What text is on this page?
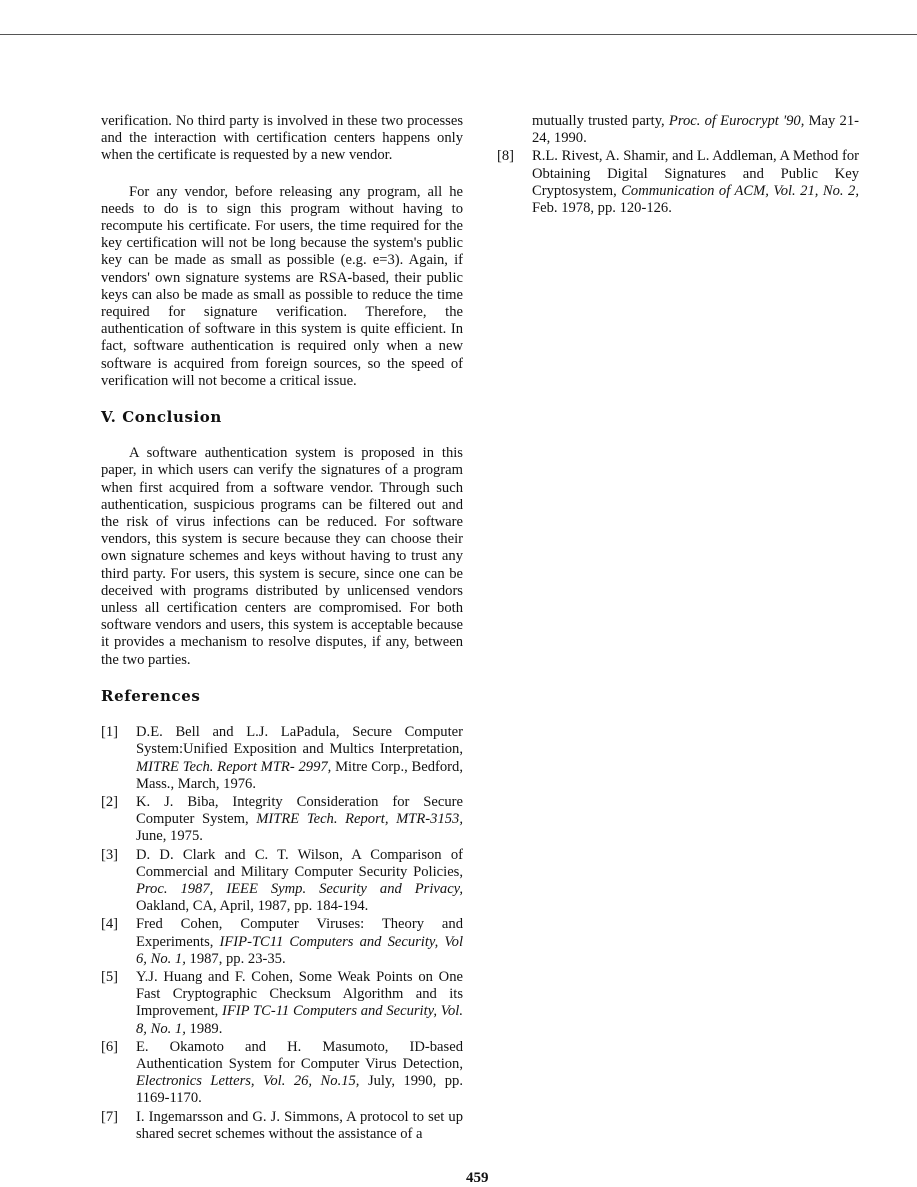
verification. No third party is involved in these two processes and the interaction with certification centers happens only when the certificate is requested by a new vendor.

For any vendor, before releasing any program, all he needs to do is to sign this program without having to recompute his certificate. For users, the time required for the key certification will not be long because the system's public key can be made as small as possible (e.g. e=3). Again, if vendors' own signature systems are RSA-based, their public keys can also be made as small as possible to reduce the time required for signature verification. Therefore, the authentication of software in this system is quite efficient. In fact, software authentication is required only when a new software is acquired from foreign sources, so the speed of verification will not become a critical issue.

V. Conclusion

A software authentication system is proposed in this paper, in which users can verify the signatures of a program when first acquired from a software vendor. Through such authentication, suspicious programs can be filtered out and the risk of virus infections can be reduced. For software vendors, this system is secure because they can choose their own signature schemes and keys without having to trust any third party. For users, this system is secure, since one can be deceived with programs distributed by unlicensed vendors unless all certification centers are compromised. For both software vendors and users, this system is acceptable because it provides a mechanism to resolve disputes, if any, between the two parties.

References
[1] D.E. Bell and L.J. LaPadula, Secure Computer System:Unified Exposition and Multics Interpretation, MITRE Tech. Report MTR- 2997, Mitre Corp., Bedford, Mass., March, 1976.
[2] K. J. Biba, Integrity Consideration for Secure Computer System, MITRE Tech. Report, MTR-3153, June, 1975.
[3] D. D. Clark and C. T. Wilson, A Comparison of Commercial and Military Computer Security Policies, Proc. 1987, IEEE Symp. Security and Privacy, Oakland, CA, April, 1987, pp. 184-194.
[4] Fred Cohen, Computer Viruses: Theory and Experiments, IFIP-TC11 Computers and Security, Vol 6, No. 1, 1987, pp. 23-35.
[5] Y.J. Huang and F. Cohen, Some Weak Points on One Fast Cryptographic Checksum Algorithm and its Improvement, IFIP TC-11 Computers and Security, Vol. 8, No. 1, 1989.
[6] E. Okamoto and H. Masumoto, ID-based Authentication System for Computer Virus Detection, Electronics Letters, Vol. 26, No.15, July, 1990, pp. 1169-1170.
[7] I. Ingemarsson and G. J. Simmons, A protocol to set up shared secret schemes without the assistance of a
mutually trusted party, Proc. of Eurocrypt '90, May 21-24, 1990.
[8] R.L. Rivest, A. Shamir, and L. Addleman, A Method for Obtaining Digital Signatures and Public Key Cryptosystem, Communication of ACM, Vol. 21, No. 2, Feb. 1978, pp. 120-126.
459
